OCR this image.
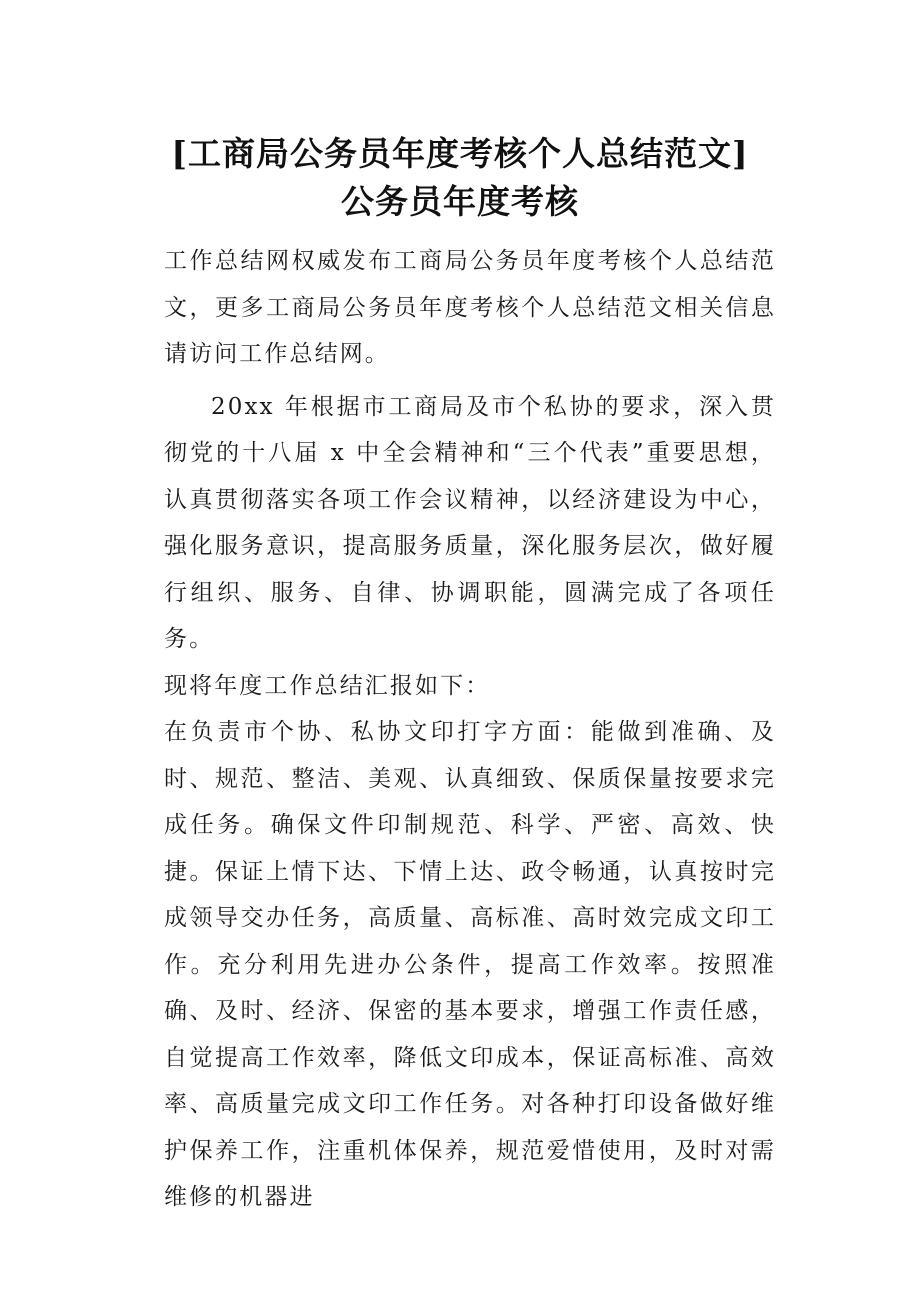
[工商局公务员年度考核个人总结范文]
公务员年度考核

工作总结网权威发布工商局公务员年度考核个人总结范文，更多工商局公务员年度考核个人总结范文相关信息请访问工作总结网。

20xx 年根据市工商局及市个私协的要求，深入贯彻党的十八届 x 中全会精神和“三个代表”重要思想，认真贯彻落实各项工作会议精神，以经济建设为中心，强化服务意识，提高服务质量，深化服务层次，做好履行组织、服务、自律、协调职能，圆满完成了各项任务。

现将年度工作总结汇报如下：

在负责市个协、私协文印打字方面：能做到准确、及时、规范、整洁、美观、认真细致、保质保量按要求完成任务。确保文件印制规范、科学、严密、高效、快捷。保证上情下达、下情上达、政令畅通，认真按时完成领导交办任务，高质量、高标准、高时效完成文印工作。充分利用先进办公条件，提高工作效率。按照准确、及时、经济、保密的基本要求，增强工作责任感，自觉提高工作效率，降低文印成本，保证高标准、高效率、高质量完成文印工作任务。对各种打印设备做好维护保养工作，注重机体保养，规范爱惜使用，及时对需维修的机器进
